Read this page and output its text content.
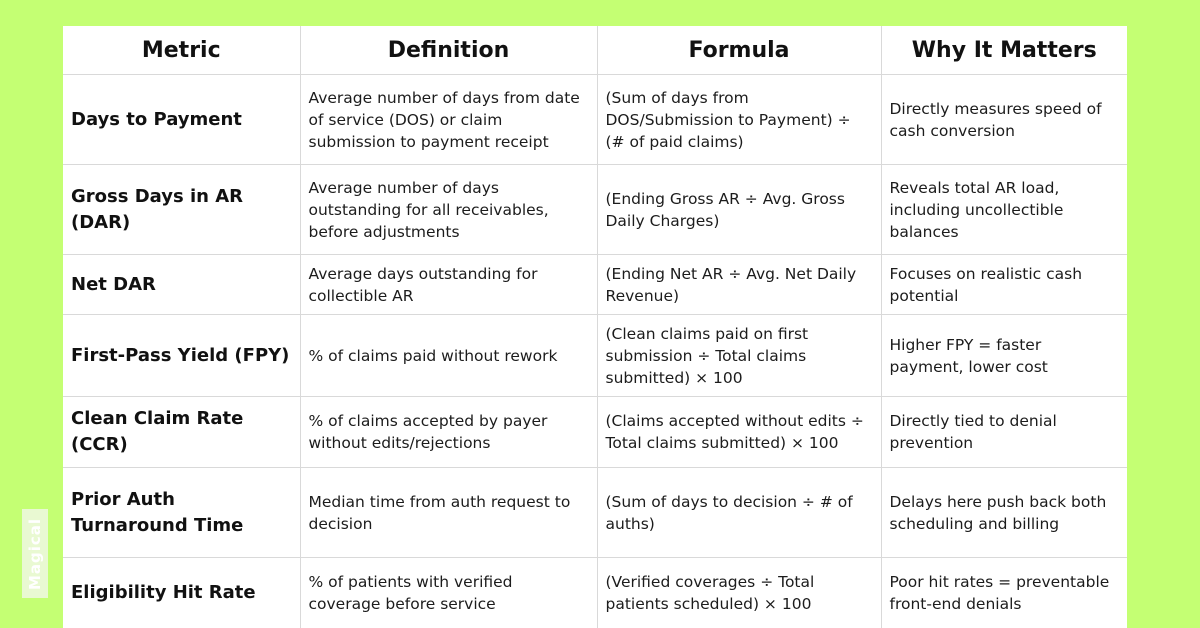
Metric	Definition	Formula	Why It Matters
Days to Payment	Average number of days from date of service (DOS) or claim submission to payment receipt	(Sum of days from DOS/Submission to Payment) ÷ (# of paid claims)	Directly measures speed of cash conversion
Gross Days in AR (DAR)	Average number of days outstanding for all receivables, before adjustments	(Ending Gross AR ÷ Avg. Gross Daily Charges)	Reveals total AR load, including uncollectible balances
Net DAR	Average days outstanding for collectible AR	(Ending Net AR ÷ Avg. Net Daily Revenue)	Focuses on realistic cash potential
First-Pass Yield (FPY)	% of claims paid without rework	(Clean claims paid on first submission ÷ Total claims submitted) × 100	Higher FPY = faster payment, lower cost
Clean Claim Rate (CCR)	% of claims accepted by payer without edits/rejections	(Claims accepted without edits ÷ Total claims submitted) × 100	Directly tied to denial prevention
Prior Auth Turnaround Time	Median time from auth request to decision	(Sum of days to decision ÷ # of auths)	Delays here push back both scheduling and billing
Eligibility Hit Rate	% of patients with verified coverage before service	(Verified coverages ÷ Total patients scheduled) × 100	Poor hit rates = preventable front-end denials
Magical
